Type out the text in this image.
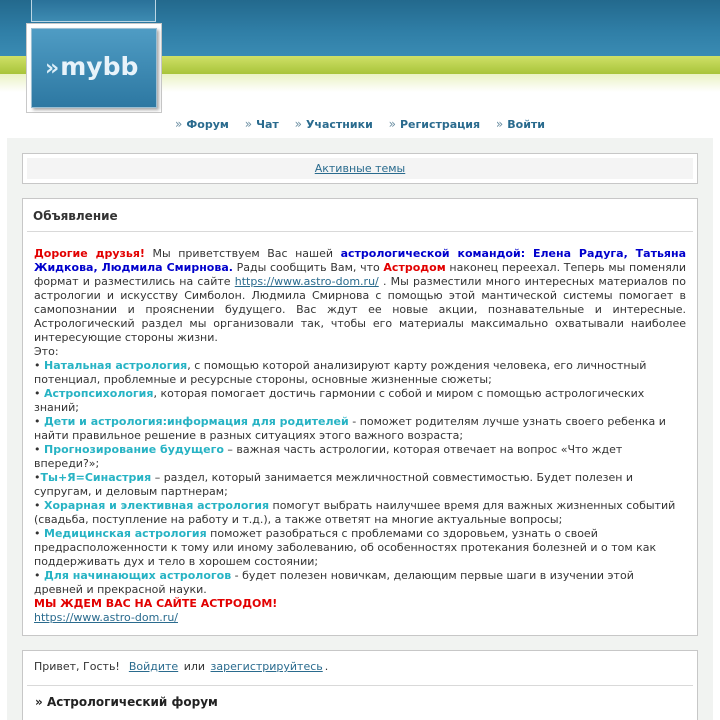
»mybb
» Форум » Чат » Участники » Регистрация » Войти
Активные темы
Объявление

Дорогие друзья! Мы приветствуем Вас нашей астрологической командой: Елена Радуга, Татьяна Жидкова, Людмила Смирнова. Рады сообщить Вам, что Астродом наконец переехал. Теперь мы поменяли формат и разместились на сайте https://www.astro-dom.ru/ . Мы разместили много интересных материалов по астрологии и искусству Симболон. Людмила Смирнова с помощью этой мантической системы помогает в самопознании и прояснении будущего. Вас ждут ее новые акции, познавательные и интересные. Астрологический раздел мы организовали так, чтобы его материалы максимально охватывали наиболее интересующие стороны жизни.

Это:

• Натальная астрология, с помощью которой анализируют карту рождения человека, его личностный потенциал, проблемные и ресурсные стороны, основные жизненные сюжеты;

• Астропсихология, которая помогает достичь гармонии с собой и миром с помощью астрологических знаний;

• Дети и астрология:информация для родителей - поможет родителям лучше узнать своего ребенка и найти правильное решение в разных ситуациях этого важного возраста;

• Прогнозирование будущего – важная часть астрологии, которая отвечает на вопрос «Что ждет впереди?»;

•Ты+Я=Синастрия – раздел, который занимается межличностной совместимостью. Будет полезен и супругам, и деловым партнерам;

• Хорарная и элективная астрология помогут выбрать наилучшее время для важных жизненных событий (свадьба, поступление на работу и т.д.), а также ответят на многие актуальные вопросы;

• Медицинская астрология поможет разобраться с проблемами со здоровьем, узнать о своей предрасположенности к тому или иному заболеванию, об особенностях протекания болезней и о том как поддерживать дух и тело в хорошем состоянии;

• Для начинающих астрологов - будет полезен новичкам, делающим первые шаги в изучении этой древней и прекрасной науки.

МЫ ЖДЕМ ВАС НА САЙТЕ АСТРОДОМ!

https://www.astro-dom.ru/

Привет, Гость! Войдите или зарегистрируйтесь .
» Астрологический форум
